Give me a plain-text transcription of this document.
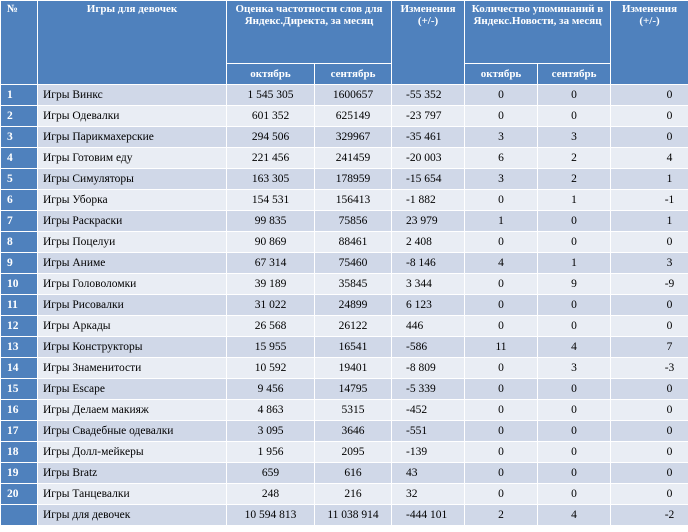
№	Игры для девочек	Оценка частотности слов для Яндекс.Директа, за месяц		Изменения (+/-)	Количество упоминаний в Яндекс.Новости, за месяц		Изменения (+/-)
		октябрь	сентябрь		октябрь	сентябрь	
1	Игры Винкс	1 545 305	1600657	-55 352	0	0	0
2	Игры Одевалки	601 352	625149	-23 797	0	0	0
3	Игры Парикмахерские	294 506	329967	-35 461	3	3	0
4	Игры Готовим еду	221 456	241459	-20 003	6	2	4
5	Игры Симуляторы	163 305	178959	-15 654	3	2	1
6	Игры Уборка	154 531	156413	-1 882	0	1	-1
7	Игры Раскраски	99 835	75856	23 979	1	0	1
8	Игры Поцелуи	90 869	88461	2 408	0	0	0
9	Игры Аниме	67 314	75460	-8 146	4	1	3
10	Игры Головоломки	39 189	35845	3 344	0	9	-9
11	Игры Рисовалки	31 022	24899	6 123	0	0	0
12	Игры Аркады	26 568	26122	446	0	0	0
13	Игры Конструкторы	15 955	16541	-586	11	4	7
14	Игры Знаменитости	10 592	19401	-8 809	0	3	-3
15	Игры Escape	9 456	14795	-5 339	0	0	0
16	Игры Делаем макияж	4 863	5315	-452	0	0	0
17	Игры Свадебные одевалки	3 095	3646	-551	0	0	0
18	Игры Долл-мейкеры	1 956	2095	-139	0	0	0
19	Игры Bratz	659	616	43	0	0	0
20	Игры Танцевалки	248	216	32	0	0	0
	Игры для девочек	10 594 813	11 038 914	-444 101	2	4	-2
